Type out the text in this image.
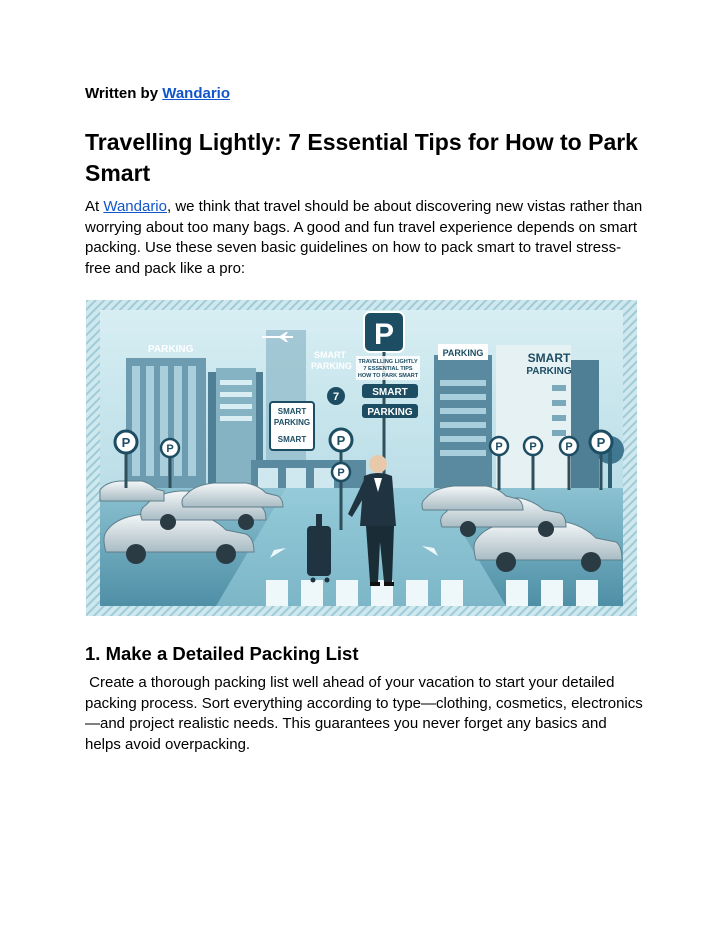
Written by Wandario
Travelling Lightly: 7 Essential Tips for How to Park Smart

At Wandario, we think that travel should be about discovering new vistas rather than worrying about too many bags. A good and fun travel experience depends on smart packing. Use these seven basic guidelines on how to pack smart to travel stress-free and pack like a pro:

P	P
P
P
P P	P P
PARKING	SMART
PARKING
7
P
TRAVELLING LIGHTLY
7 ESSENTIAL TIPS
HOW TO PARK SMART
SMART
PARKING
SMART
PARKING
SMART
PARKING	SMART
PARKING
1. Make a Detailed Packing List

Create a thorough packing list well ahead of your vacation to start your detailed packing process. Sort everything according to type—clothing, cosmetics, electronics—and project realistic needs. This guarantees you never forget any basics and helps avoid overpacking.
